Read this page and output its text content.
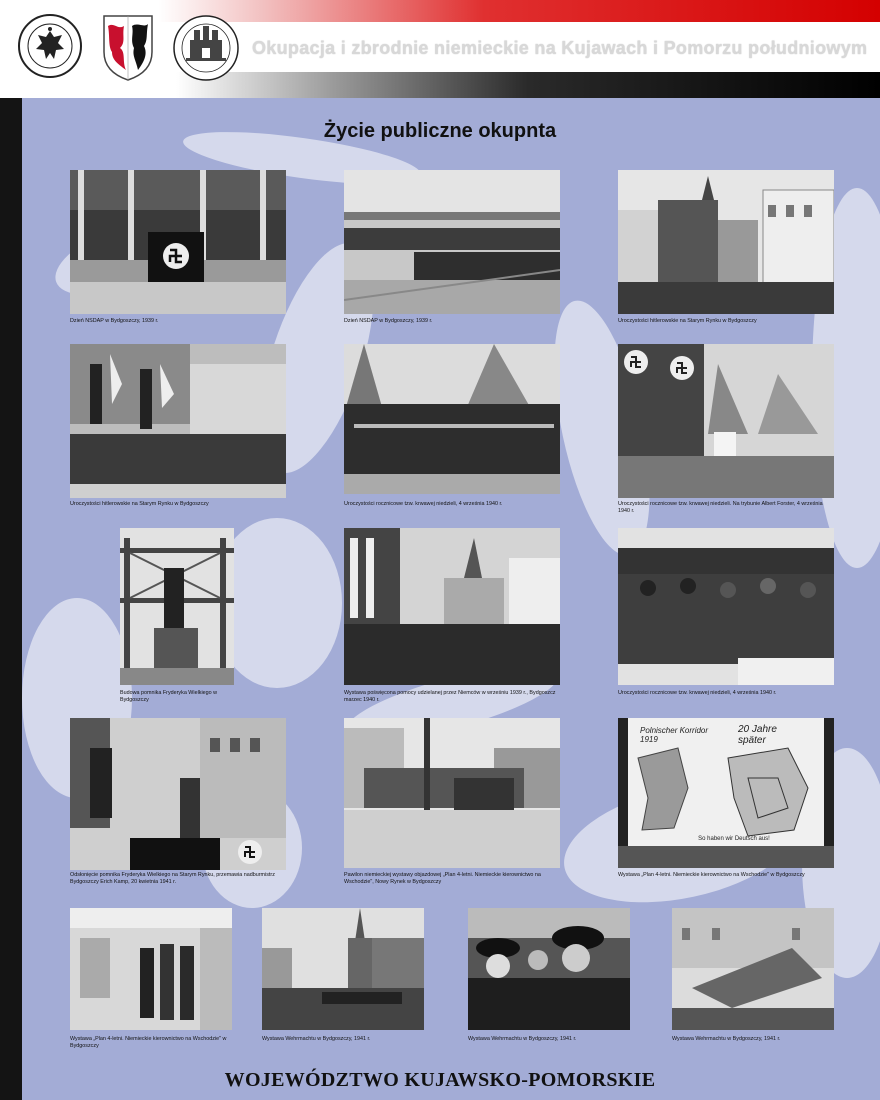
Okupacja i zbrodnie niemieckie na Kujawach i Pomorzu południowym
Życie publiczne okupnta
Dzień NSDAP w Bydgoszczy, 1939 r.	Dzień NSDAP w Bydgoszczy, 1939 r.	Uroczystości hitlerowskie na Starym Rynku w Bydgoszczy
Uroczystości hitlerowskie na Starym Rynku w Bydgoszczy	Uroczystości rocznicowe tzw. krwawej niedzieli, 4 września 1940 r.	Uroczystości rocznicowe tzw. krwawej niedzieli. Na trybunie Albert Forster, 4 września 1940 r.
Budowa pomnika Fryderyka Wielkiego w Bydgoszczy
Wystawa poświęcona pomocy udzielanej przez Niemców w wrześniu 1939 r., Bydgoszcz marzec 1940 r.
Uroczystości rocznicowe tzw. krwawej niedzieli, 4 września 1940 r.
Odsłonięcie pomnika Fryderyka Wielkiego na Starym Rynku, przemawia nadburmistrz Bydgoszczy Erich Kamp, 20 kwietnia 1941 r.
Pawilon niemieckiej wystawy objazdowej „Plan 4-letni. Niemieckie kierownictwo na Wschodzie", Nowy Rynek w Bydgoszczy
Polnischer Korridor 1919
20 Jahre später
So haben wir Deutsch aus!
Wystawa „Plan 4-letni. Niemieckie kierownictwo na Wschodzie" w Bydgoszczy
Wystawa „Plan 4-letni. Niemieckie kierownictwo na Wschodzie" w Bydgoszczy
Wystawa Wehrmachtu w Bydgoszczy, 1941 r.	Wystawa Wehrmachtu w Bydgoszczy, 1941 r.	Wystawa Wehrmachtu w Bydgoszczy, 1941 r.
WOJEWÓDZTWO KUJAWSKO-POMORSKIE
